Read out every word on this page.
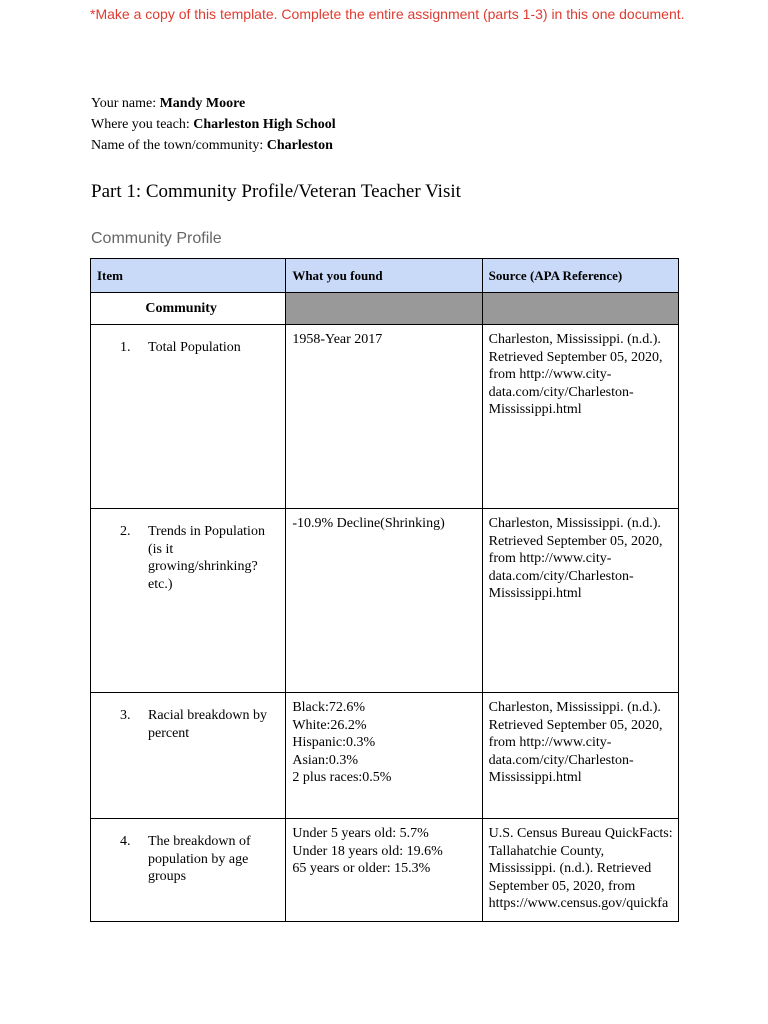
*Make a copy of this template. Complete the entire assignment (parts 1-3) in this one document.
Your name: Mandy Moore
Where you teach: Charleston High School
Name of the town/community: Charleston
Part 1: Community Profile/Veteran Teacher Visit
Community Profile
Item	What you found	Source (APA Reference)
Community		

1. Total Population	1958-Year 2017	Charleston, Mississippi. (n.d.). Retrieved September 05, 2020, from http://www.city-data.com/city/Charleston-Mississippi.html

2. Trends in Population (is it growing/shrinking? etc.)	-10.9% Decline(Shrinking)	Charleston, Mississippi. (n.d.). Retrieved September 05, 2020, from http://www.city-data.com/city/Charleston-Mississippi.html

3. Racial breakdown by percent	Black:72.6%
White:26.2%
Hispanic:0.3%
Asian:0.3%
2 plus races:0.5%	Charleston, Mississippi. (n.d.). Retrieved September 05, 2020, from http://www.city-data.com/city/Charleston-Mississippi.html

4. The breakdown of population by age groups	Under 5 years old: 5.7%
Under 18 years old: 19.6%
65 years or older: 15.3%	U.S. Census Bureau QuickFacts: Tallahatchie County, Mississippi. (n.d.). Retrieved September 05, 2020, from https://www.census.gov/quickfa
